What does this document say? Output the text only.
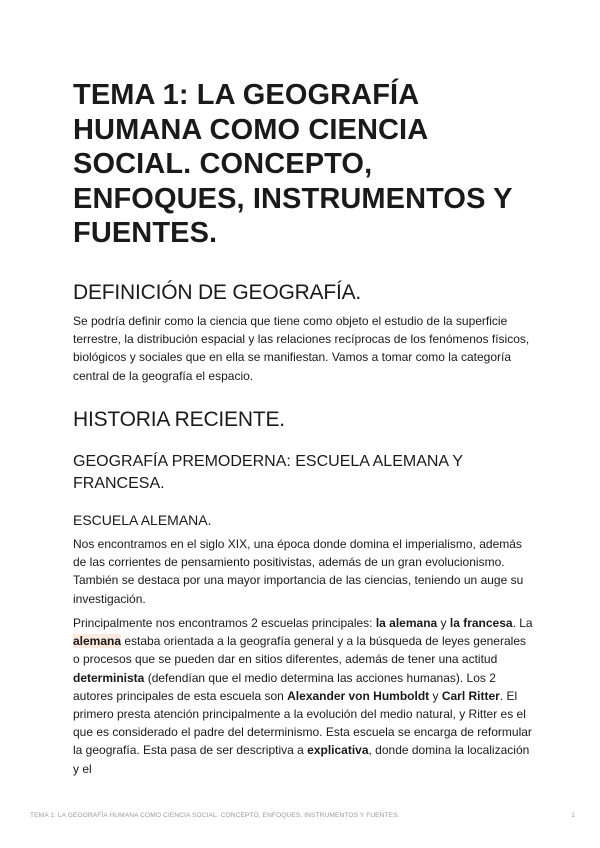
TEMA 1: LA GEOGRAFÍA HUMANA COMO CIENCIA SOCIAL. CONCEPTO, ENFOQUES, INSTRUMENTOS Y FUENTES.
DEFINICIÓN DE GEOGRAFÍA.

Se podría definir como la ciencia que tiene como objeto el estudio de la superficie terrestre, la distribución espacial y las relaciones recíprocas de los fenómenos físicos, biológicos y sociales que en ella se manifiestan. Vamos a tomar como la categoría central de la geografía el espacio.

HISTORIA RECIENTE.
GEOGRAFÍA PREMODERNA: ESCUELA ALEMANA Y FRANCESA.
ESCUELA ALEMANA.

Nos encontramos en el siglo XIX, una época donde domina el imperialismo, además de las corrientes de pensamiento positivistas, además de un gran evolucionismo. También se destaca por una mayor importancia de las ciencias, teniendo un auge su investigación.

Principalmente nos encontramos 2 escuelas principales: la alemana y la francesa. La alemana estaba orientada a la geografía general y a la búsqueda de leyes generales o procesos que se pueden dar en sitios diferentes, además de tener una actitud determinista (defendían que el medio determina las acciones humanas). Los 2 autores principales de esta escuela son Alexander von Humboldt y Carl Ritter. El primero presta atención principalmente a la evolución del medio natural, y Ritter es el que es considerado el padre del determinismo. Esta escuela se encarga de reformular la geografía. Esta pasa de ser descriptiva a explicativa, donde domina la localización y el

TEMA 1: LA GEOGRAFÍA HUMANA COMO CIENCIA SOCIAL. CONCEPTO, ENFOQUES, INSTRUMENTOS Y FUENTES.	1
